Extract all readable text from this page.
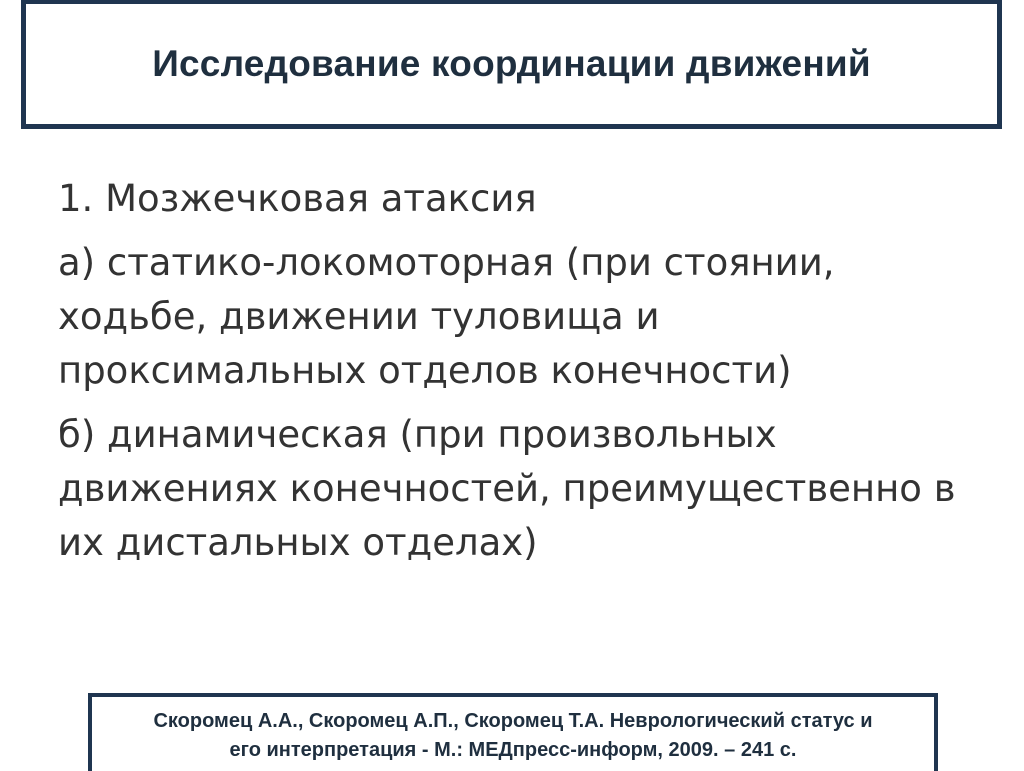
Исследование координации движений

1. Мозжечковая атаксия

а) статико-локомоторная (при стоянии, ходьбе, движении туловища и проксимальных отделов конечности)

б) динамическая (при произвольных движениях конечностей, преимущественно в их дистальных отделах)

Скоромец А.А., Скоромец А.П., Скоромец Т.А. Неврологический статус и
его интерпретация - М.: МЕДпресс-информ, 2009. – 241 с.
